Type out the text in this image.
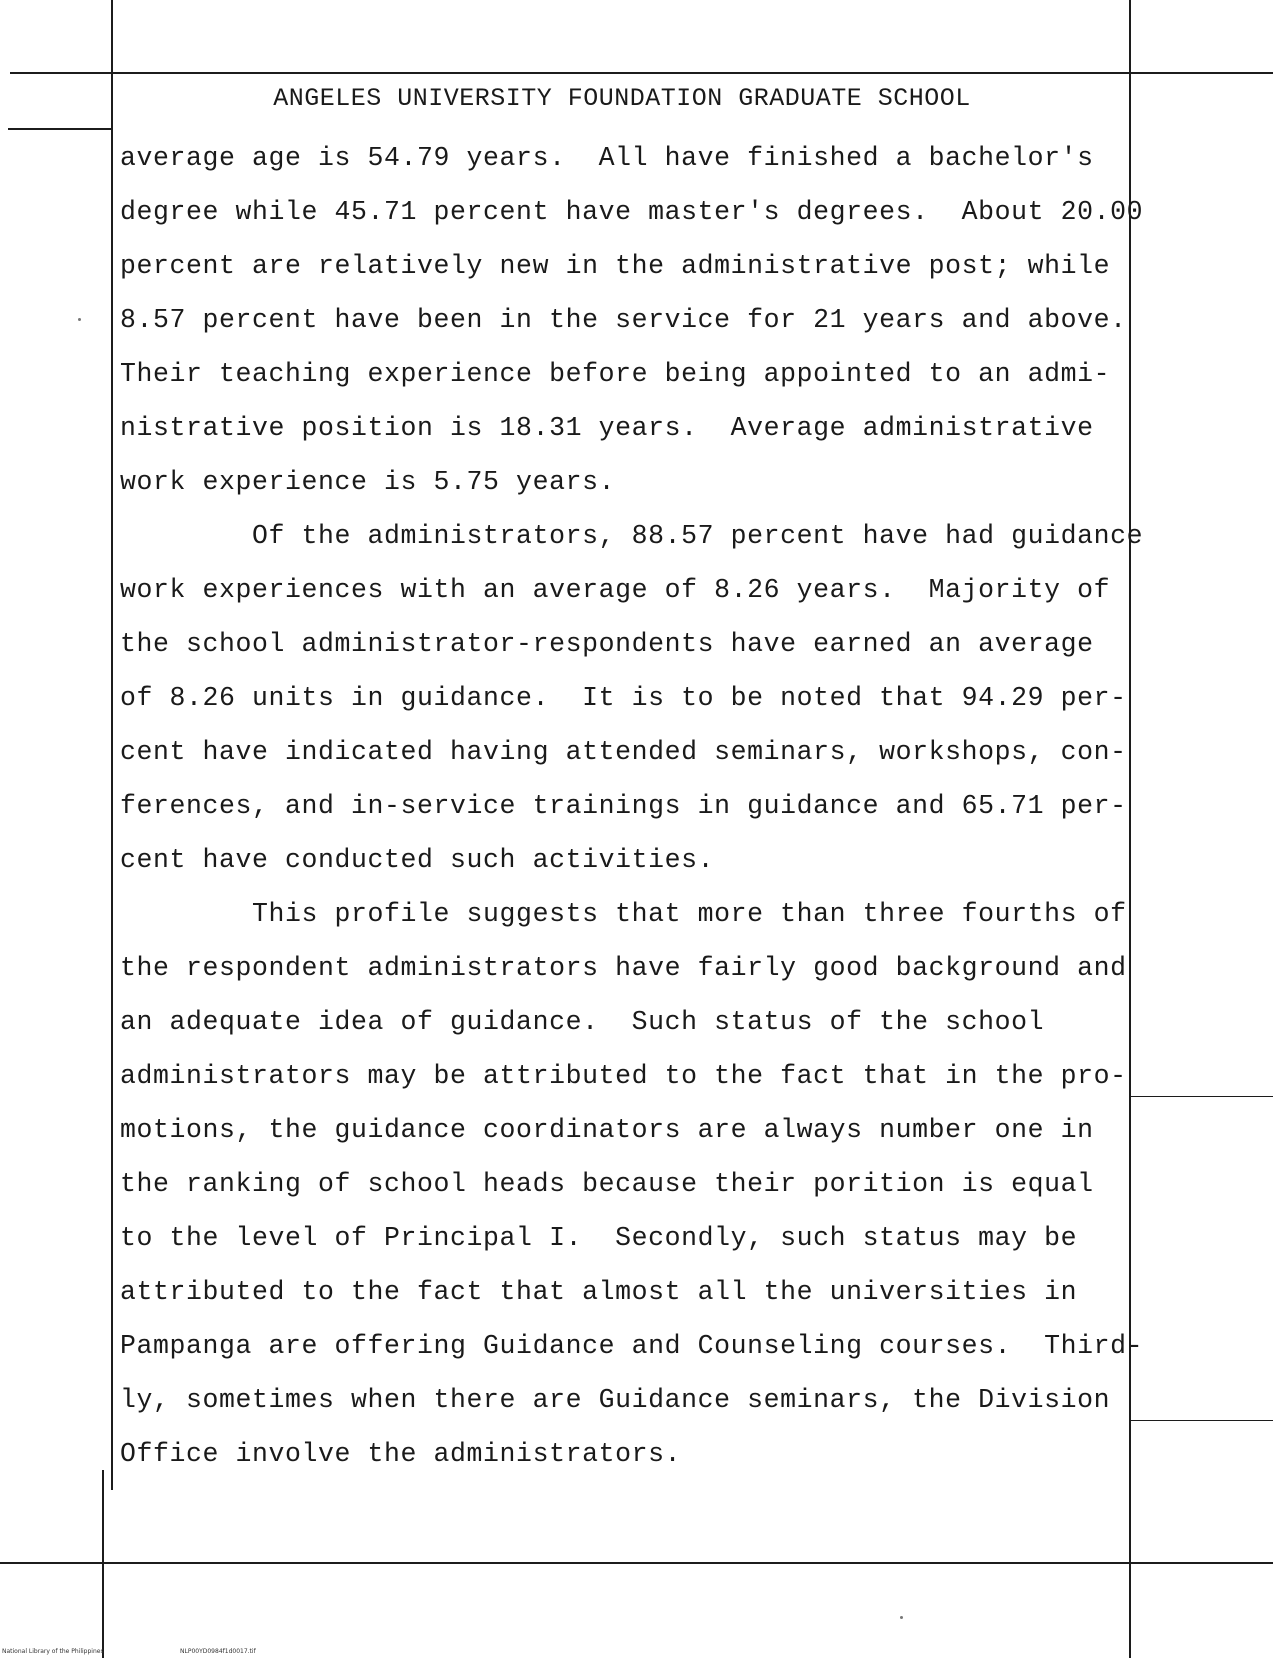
ANGELES UNIVERSITY FOUNDATION GRADUATE SCHOOL
average age is 54.79 years.  All have finished a bachelor's
degree while 45.71 percent have master's degrees.  About 20.00
percent are relatively new in the administrative post; while
8.57 percent have been in the service for 21 years and above.
Their teaching experience before being appointed to an admi-
nistrative position is 18.31 years.  Average administrative
work experience is 5.75 years.
Of the administrators, 88.57 percent have had guidance
work experiences with an average of 8.26 years.  Majority of
the school administrator-respondents have earned an average
of 8.26 units in guidance.  It is to be noted that 94.29 per-
cent have indicated having attended seminars, workshops, con-
ferences, and in-service trainings in guidance and 65.71 per-
cent have conducted such activities.
This profile suggests that more than three fourths of
the respondent administrators have fairly good background and
an adequate idea of guidance.  Such status of the school
administrators may be attributed to the fact that in the pro-
motions, the guidance coordinators are always number one in
the ranking of school heads because their porition is equal
to the level of Principal I.  Secondly, such status may be
attributed to the fact that almost all the universities in
Pampanga are offering Guidance and Counseling courses.  Third-
ly, sometimes when there are Guidance seminars, the Division
Office involve the administrators.
National Library of the Philippines	NLP00YD0984f1d0017.tif
